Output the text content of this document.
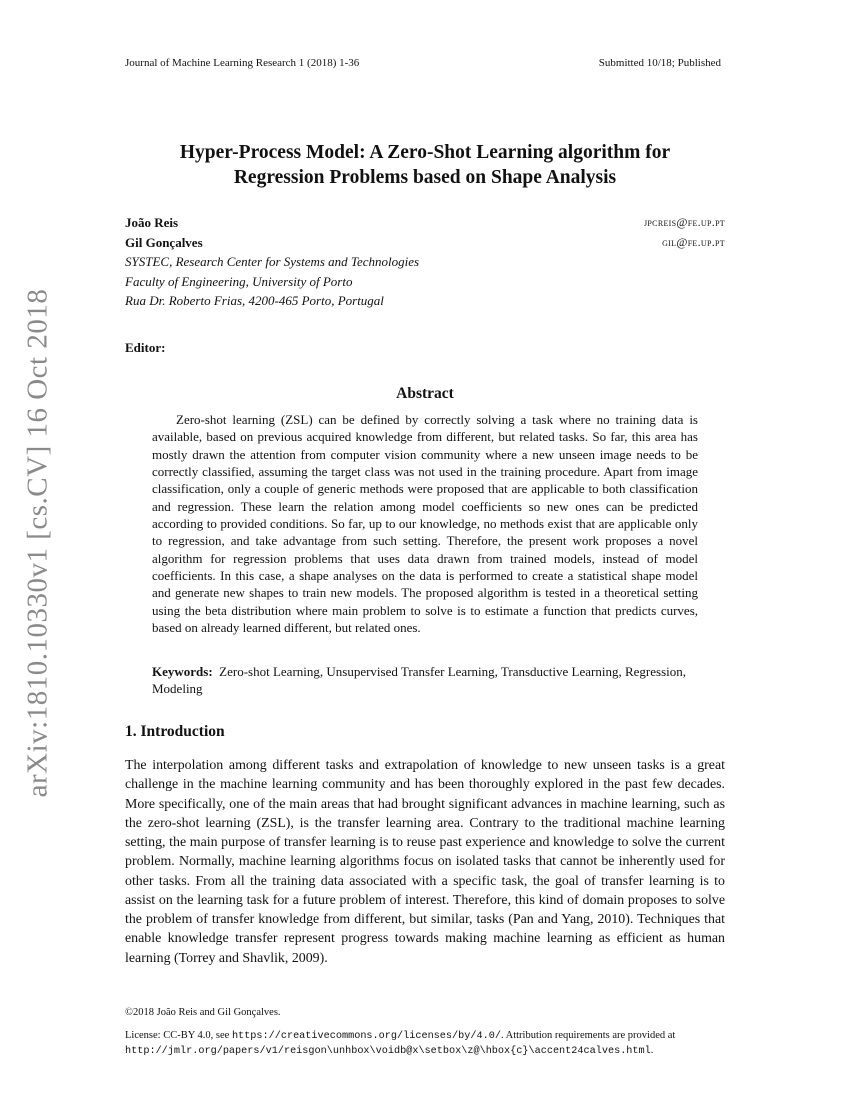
Journal of Machine Learning Research 1 (2018) 1-36	Submitted 10/18; Published
arXiv:1810.10330v1 [cs.CV] 16 Oct 2018
Hyper-Process Model: A Zero-Shot Learning algorithm for
Regression Problems based on Shape Analysis
João Reis	jpcreis@fe.up.pt
Gil Gonçalves	gil@fe.up.pt
SYSTEC, Research Center for Systems and Technologies
Faculty of Engineering, University of Porto
Rua Dr. Roberto Frias, 4200-465 Porto, Portugal
Editor:
Abstract
Zero-shot learning (ZSL) can be defined by correctly solving a task where no training data is available, based on previous acquired knowledge from different, but related tasks. So far, this area has mostly drawn the attention from computer vision community where a new unseen image needs to be correctly classified, assuming the target class was not used in the training procedure. Apart from image classification, only a couple of generic methods were proposed that are applicable to both classification and regression. These learn the relation among model coefficients so new ones can be predicted according to provided conditions. So far, up to our knowledge, no methods exist that are applicable only to regression, and take advantage from such setting. Therefore, the present work proposes a novel algorithm for regression problems that uses data drawn from trained models, instead of model coefficients. In this case, a shape analyses on the data is performed to create a statistical shape model and generate new shapes to train new models. The proposed algorithm is tested in a theoretical setting using the beta distribution where main problem to solve is to estimate a function that predicts curves, based on already learned different, but related ones.
Keywords: Zero-shot Learning, Unsupervised Transfer Learning, Transductive Learning, Regression, Modeling
1. Introduction
The interpolation among different tasks and extrapolation of knowledge to new unseen tasks is a great challenge in the machine learning community and has been thoroughly explored in the past few decades. More specifically, one of the main areas that had brought significant advances in machine learning, such as the zero-shot learning (ZSL), is the transfer learning area. Contrary to the traditional machine learning setting, the main purpose of transfer learning is to reuse past experience and knowledge to solve the current problem. Normally, machine learning algorithms focus on isolated tasks that cannot be inherently used for other tasks. From all the training data associated with a specific task, the goal of transfer learning is to assist on the learning task for a future problem of interest. Therefore, this kind of domain proposes to solve the problem of transfer knowledge from different, but similar, tasks (Pan and Yang, 2010). Techniques that enable knowledge transfer represent progress towards making machine learning as efficient as human learning (Torrey and Shavlik, 2009).
©2018 João Reis and Gil Gonçalves.
License: CC-BY 4.0, see https://creativecommons.org/licenses/by/4.0/. Attribution requirements are provided at http://jmlr.org/papers/v1/reisgon\unhbox\voidb@x\setbox\z@\hbox{c}\accent24calves.html.
